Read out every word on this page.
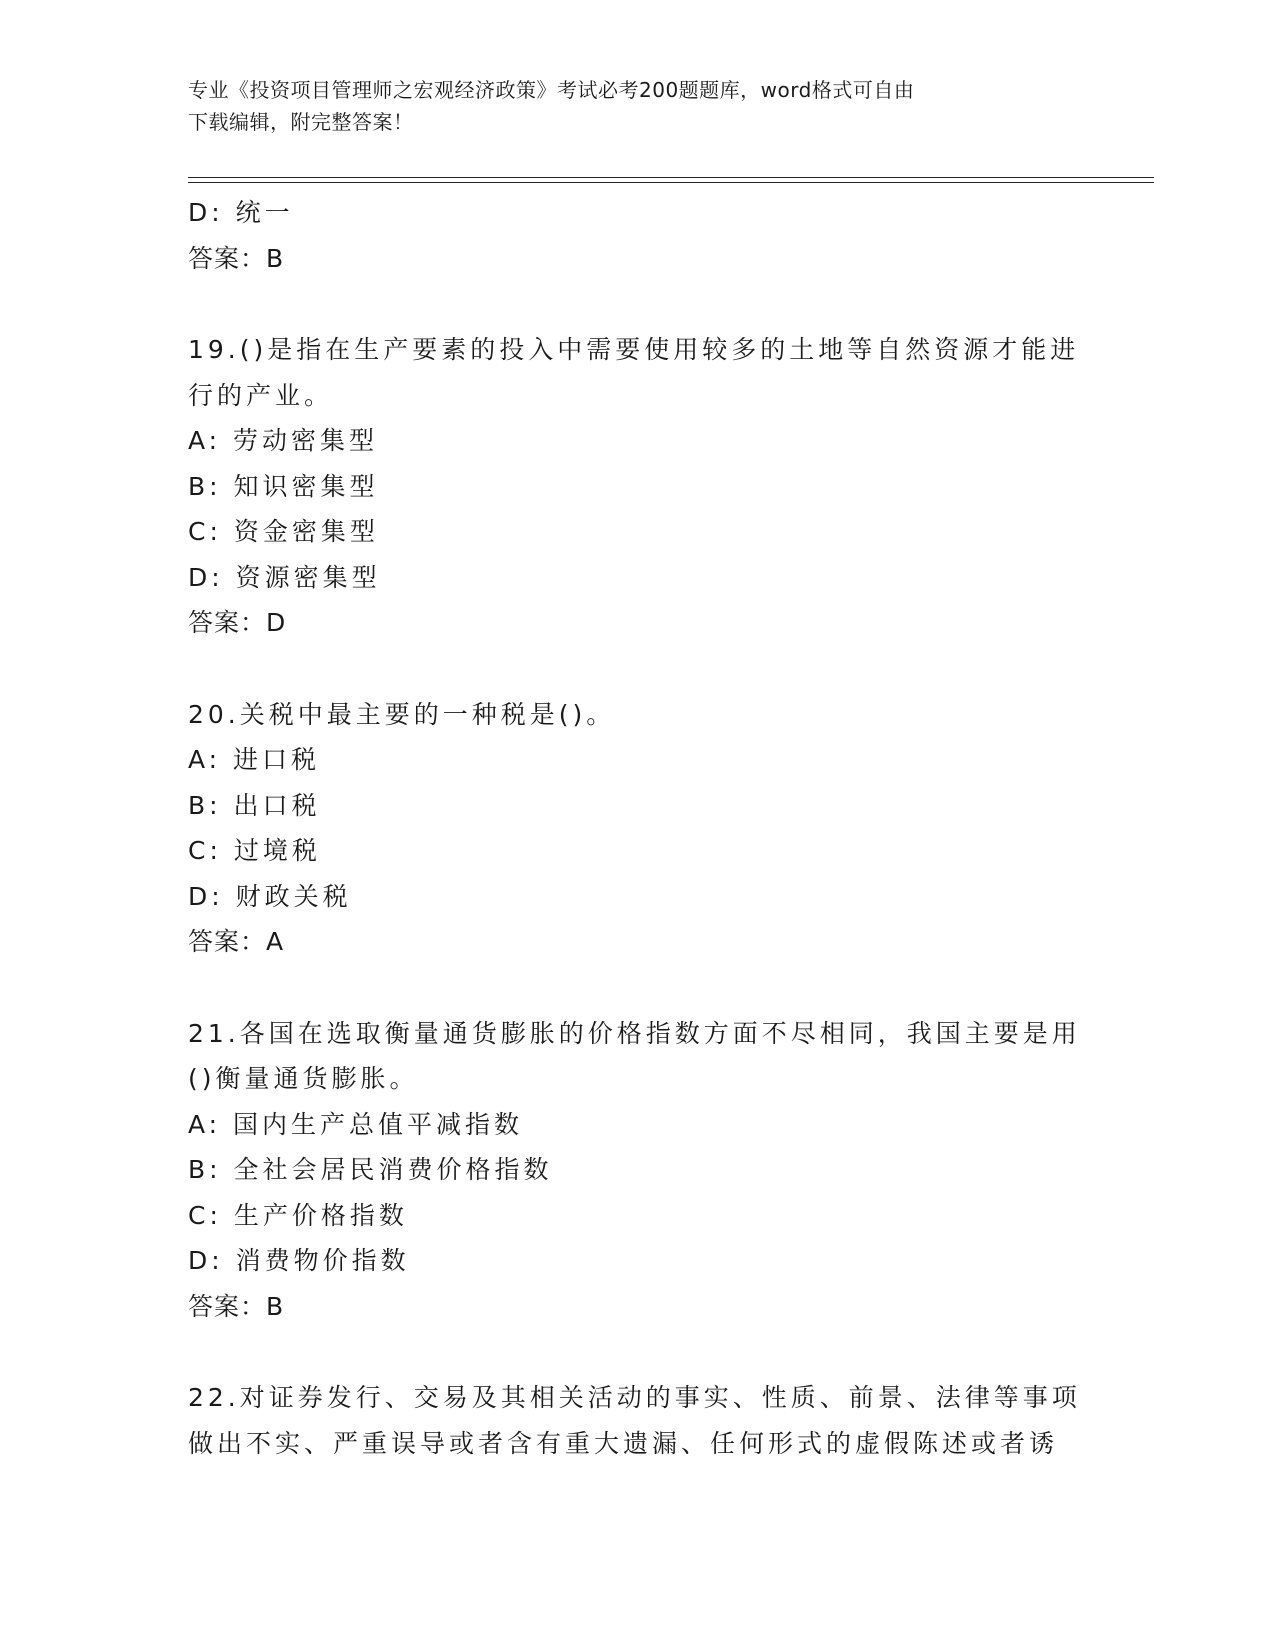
专业《投资项目管理师之宏观经济政策》考试必考200题题库，word格式可自由
下载编辑，附完整答案！
D: 统一
答案：B
19.()是指在生产要素的投入中需要使用较多的土地等自然资源才能进
行的产业。
A: 劳动密集型
B: 知识密集型
C: 资金密集型
D: 资源密集型
答案：D
20.关税中最主要的一种税是()。
A: 进口税
B: 出口税
C: 过境税
D: 财政关税
答案：A
21.各国在选取衡量通货膨胀的价格指数方面不尽相同，我国主要是用
()衡量通货膨胀。
A: 国内生产总值平减指数
B: 全社会居民消费价格指数
C: 生产价格指数
D: 消费物价指数
答案：B
22.对证券发行、交易及其相关活动的事实、性质、前景、法律等事项
做出不实、严重误导或者含有重大遗漏、任何形式的虚假陈述或者诱
